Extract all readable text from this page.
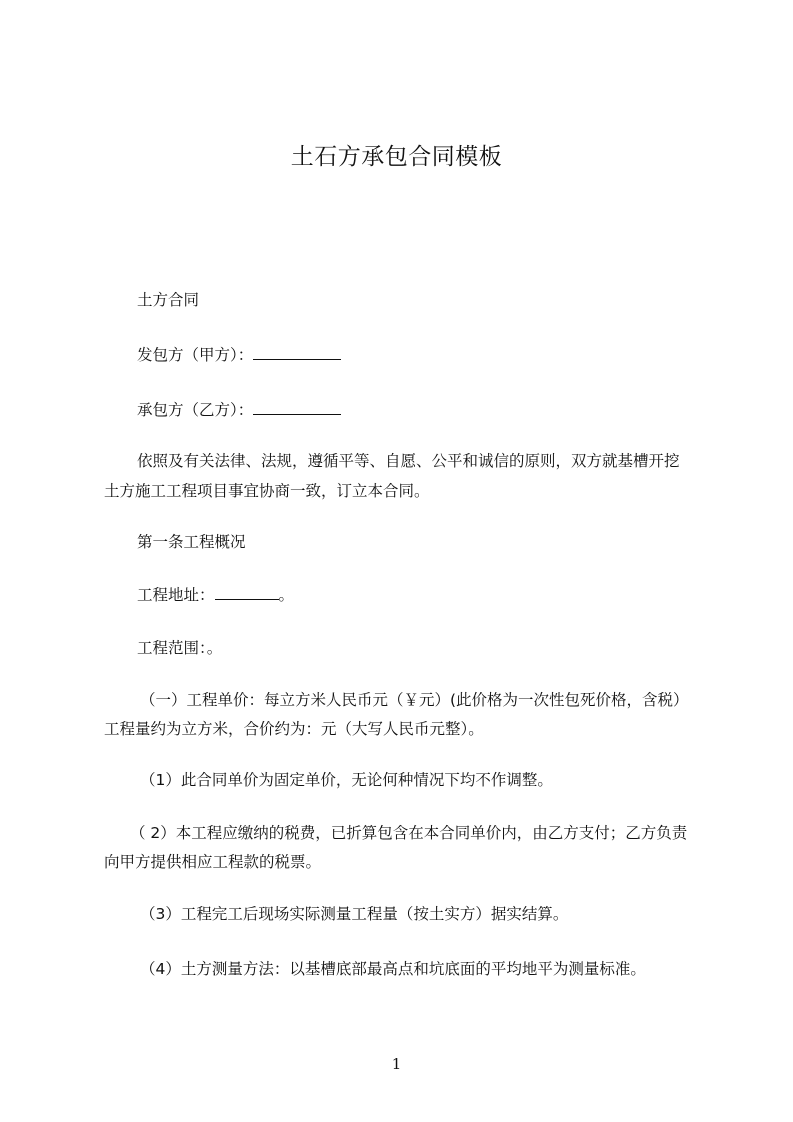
土石方承包合同模板
土方合同
发包方（甲方）：
承包方（乙方）：
依照及有关法律、法规，遵循平等、自愿、公平和诚信的原则，双方就基槽开挖
土方施工工程项目事宜协商一致，订立本合同。
第一条工程概况
工程地址：	。
工程范围：。
（一）工程单价：每立方米人民币元（￥元）(此价格为一次性包死价格，含税）
工程量约为立方米，合价约为：元（大写人民币元整）。
（1）此合同单价为固定单价，无论何种情况下均不作调整。
（ 2）本工程应缴纳的税费，已折算包含在本合同单价内，由乙方支付；乙方负责
向甲方提供相应工程款的税票。
（3）工程完工后现场实际测量工程量（按土实方）据实结算。
（4）土方测量方法：以基槽底部最高点和坑底面的平均地平为测量标准。
1
